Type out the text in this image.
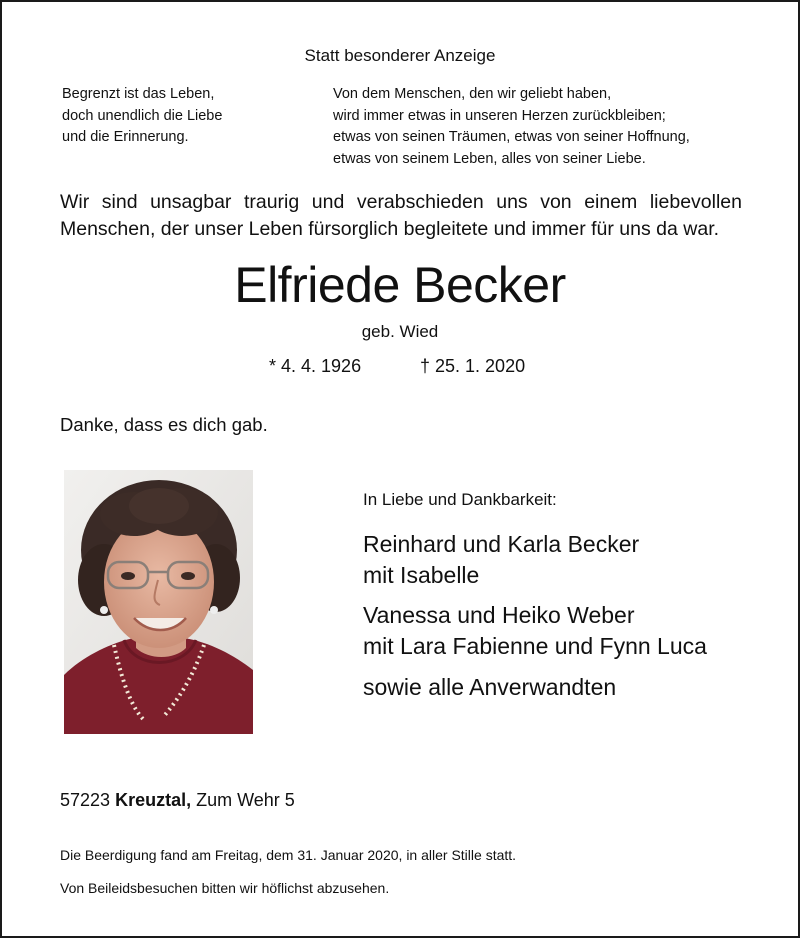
Statt besonderer Anzeige
Begrenzt ist das Leben,
doch unendlich die Liebe
und die Erinnerung.
Von dem Menschen, den wir geliebt haben,
wird immer etwas in unseren Herzen zurückbleiben;
etwas von seinen Träumen, etwas von seiner Hoffnung,
etwas von seinem Leben, alles von seiner Liebe.
Wir sind unsagbar traurig und verabschieden uns von einem liebevollen Menschen, der unser Leben fürsorglich begleitete und immer für uns da war.
Elfriede Becker
geb. Wied
* 4. 4. 1926	† 25. 1. 2020
Danke, dass es dich gab.
In Liebe und Dankbarkeit:
Reinhard und Karla Becker
mit Isabelle
Vanessa und Heiko Weber
mit Lara Fabienne und Fynn Luca
sowie alle Anverwandten
57223 Kreuztal, Zum Wehr 5
Die Beerdigung fand am Freitag, dem 31. Januar 2020, in aller Stille statt.
Von Beileidsbesuchen bitten wir höflichst abzusehen.
